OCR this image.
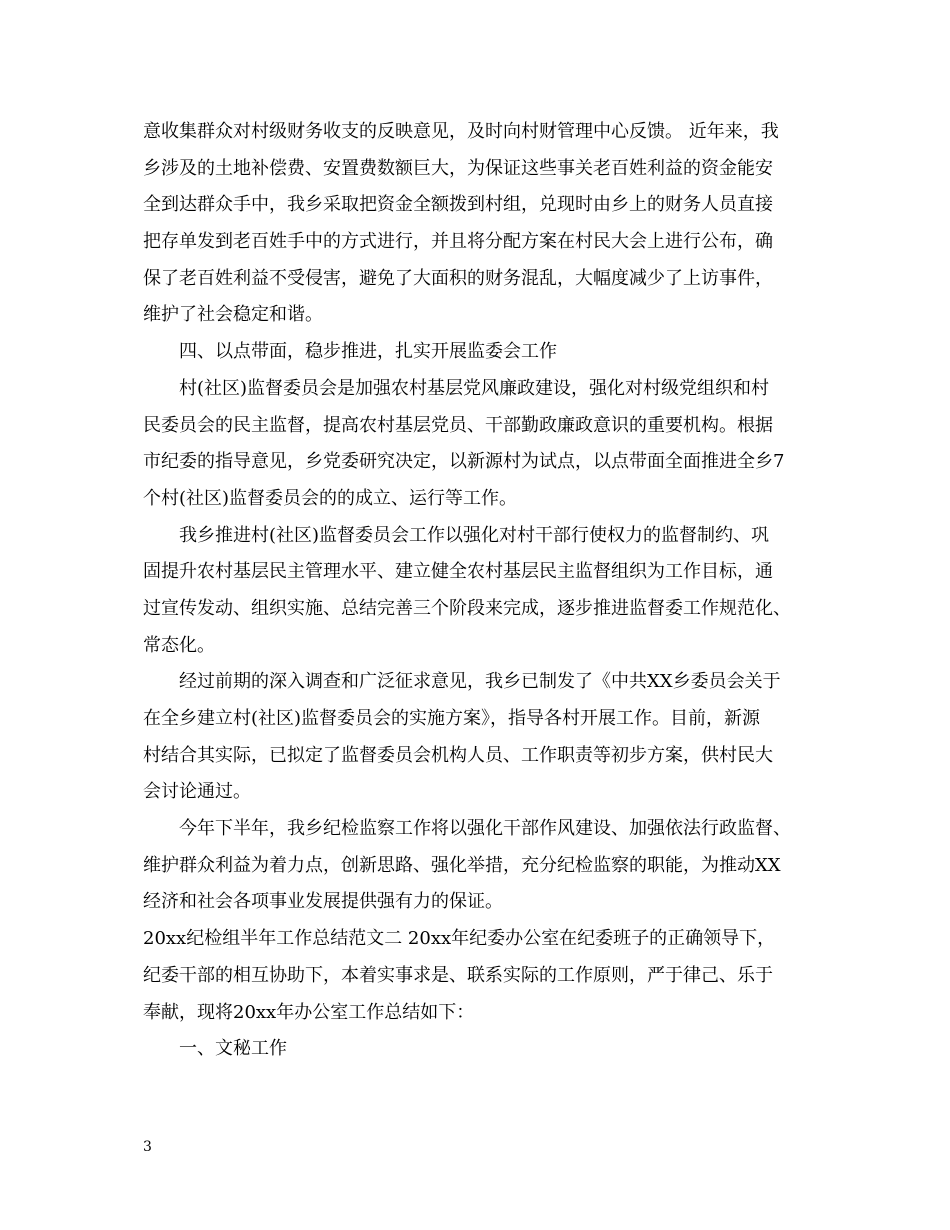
意收集群众对村级财务收支的反映意见，及时向村财管理中心反馈。 近年来，我
乡涉及的土地补偿费、安置费数额巨大，为保证这些事关老百姓利益的资金能安
全到达群众手中，我乡采取把资金全额拨到村组，兑现时由乡上的财务人员直接
把存单发到老百姓手中的方式进行，并且将分配方案在村民大会上进行公布，确
保了老百姓利益不受侵害，避免了大面积的财务混乱，大幅度减少了上访事件，
维护了社会稳定和谐。
四、以点带面，稳步推进，扎实开展监委会工作
村(社区)监督委员会是加强农村基层党风廉政建设，强化对村级党组织和村
民委员会的民主监督，提高农村基层党员、干部勤政廉政意识的重要机构。根据
市纪委的指导意见，乡党委研究决定，以新源村为试点，以点带面全面推进全乡7
个村(社区)监督委员会的的成立、运行等工作。
我乡推进村(社区)监督委员会工作以强化对村干部行使权力的监督制约、巩
固提升农村基层民主管理水平、建立健全农村基层民主监督组织为工作目标，通
过宣传发动、组织实施、总结完善三个阶段来完成，逐步推进监督委工作规范化、
常态化。
经过前期的深入调查和广泛征求意见，我乡已制发了《中共XX乡委员会关于
在全乡建立村(社区)监督委员会的实施方案》，指导各村开展工作。目前，新源
村结合其实际，已拟定了监督委员会机构人员、工作职责等初步方案，供村民大
会讨论通过。
今年下半年，我乡纪检监察工作将以强化干部作风建设、加强依法行政监督、
维护群众利益为着力点，创新思路、强化举措，充分纪检监察的职能，为推动XX
经济和社会各项事业发展提供强有力的保证。
20xx纪检组半年工作总结范文二 20xx年纪委办公室在纪委班子的正确领导下，
纪委干部的相互协助下，本着实事求是、联系实际的工作原则，严于律己、乐于
奉献，现将20xx年办公室工作总结如下：
一、文秘工作
3
